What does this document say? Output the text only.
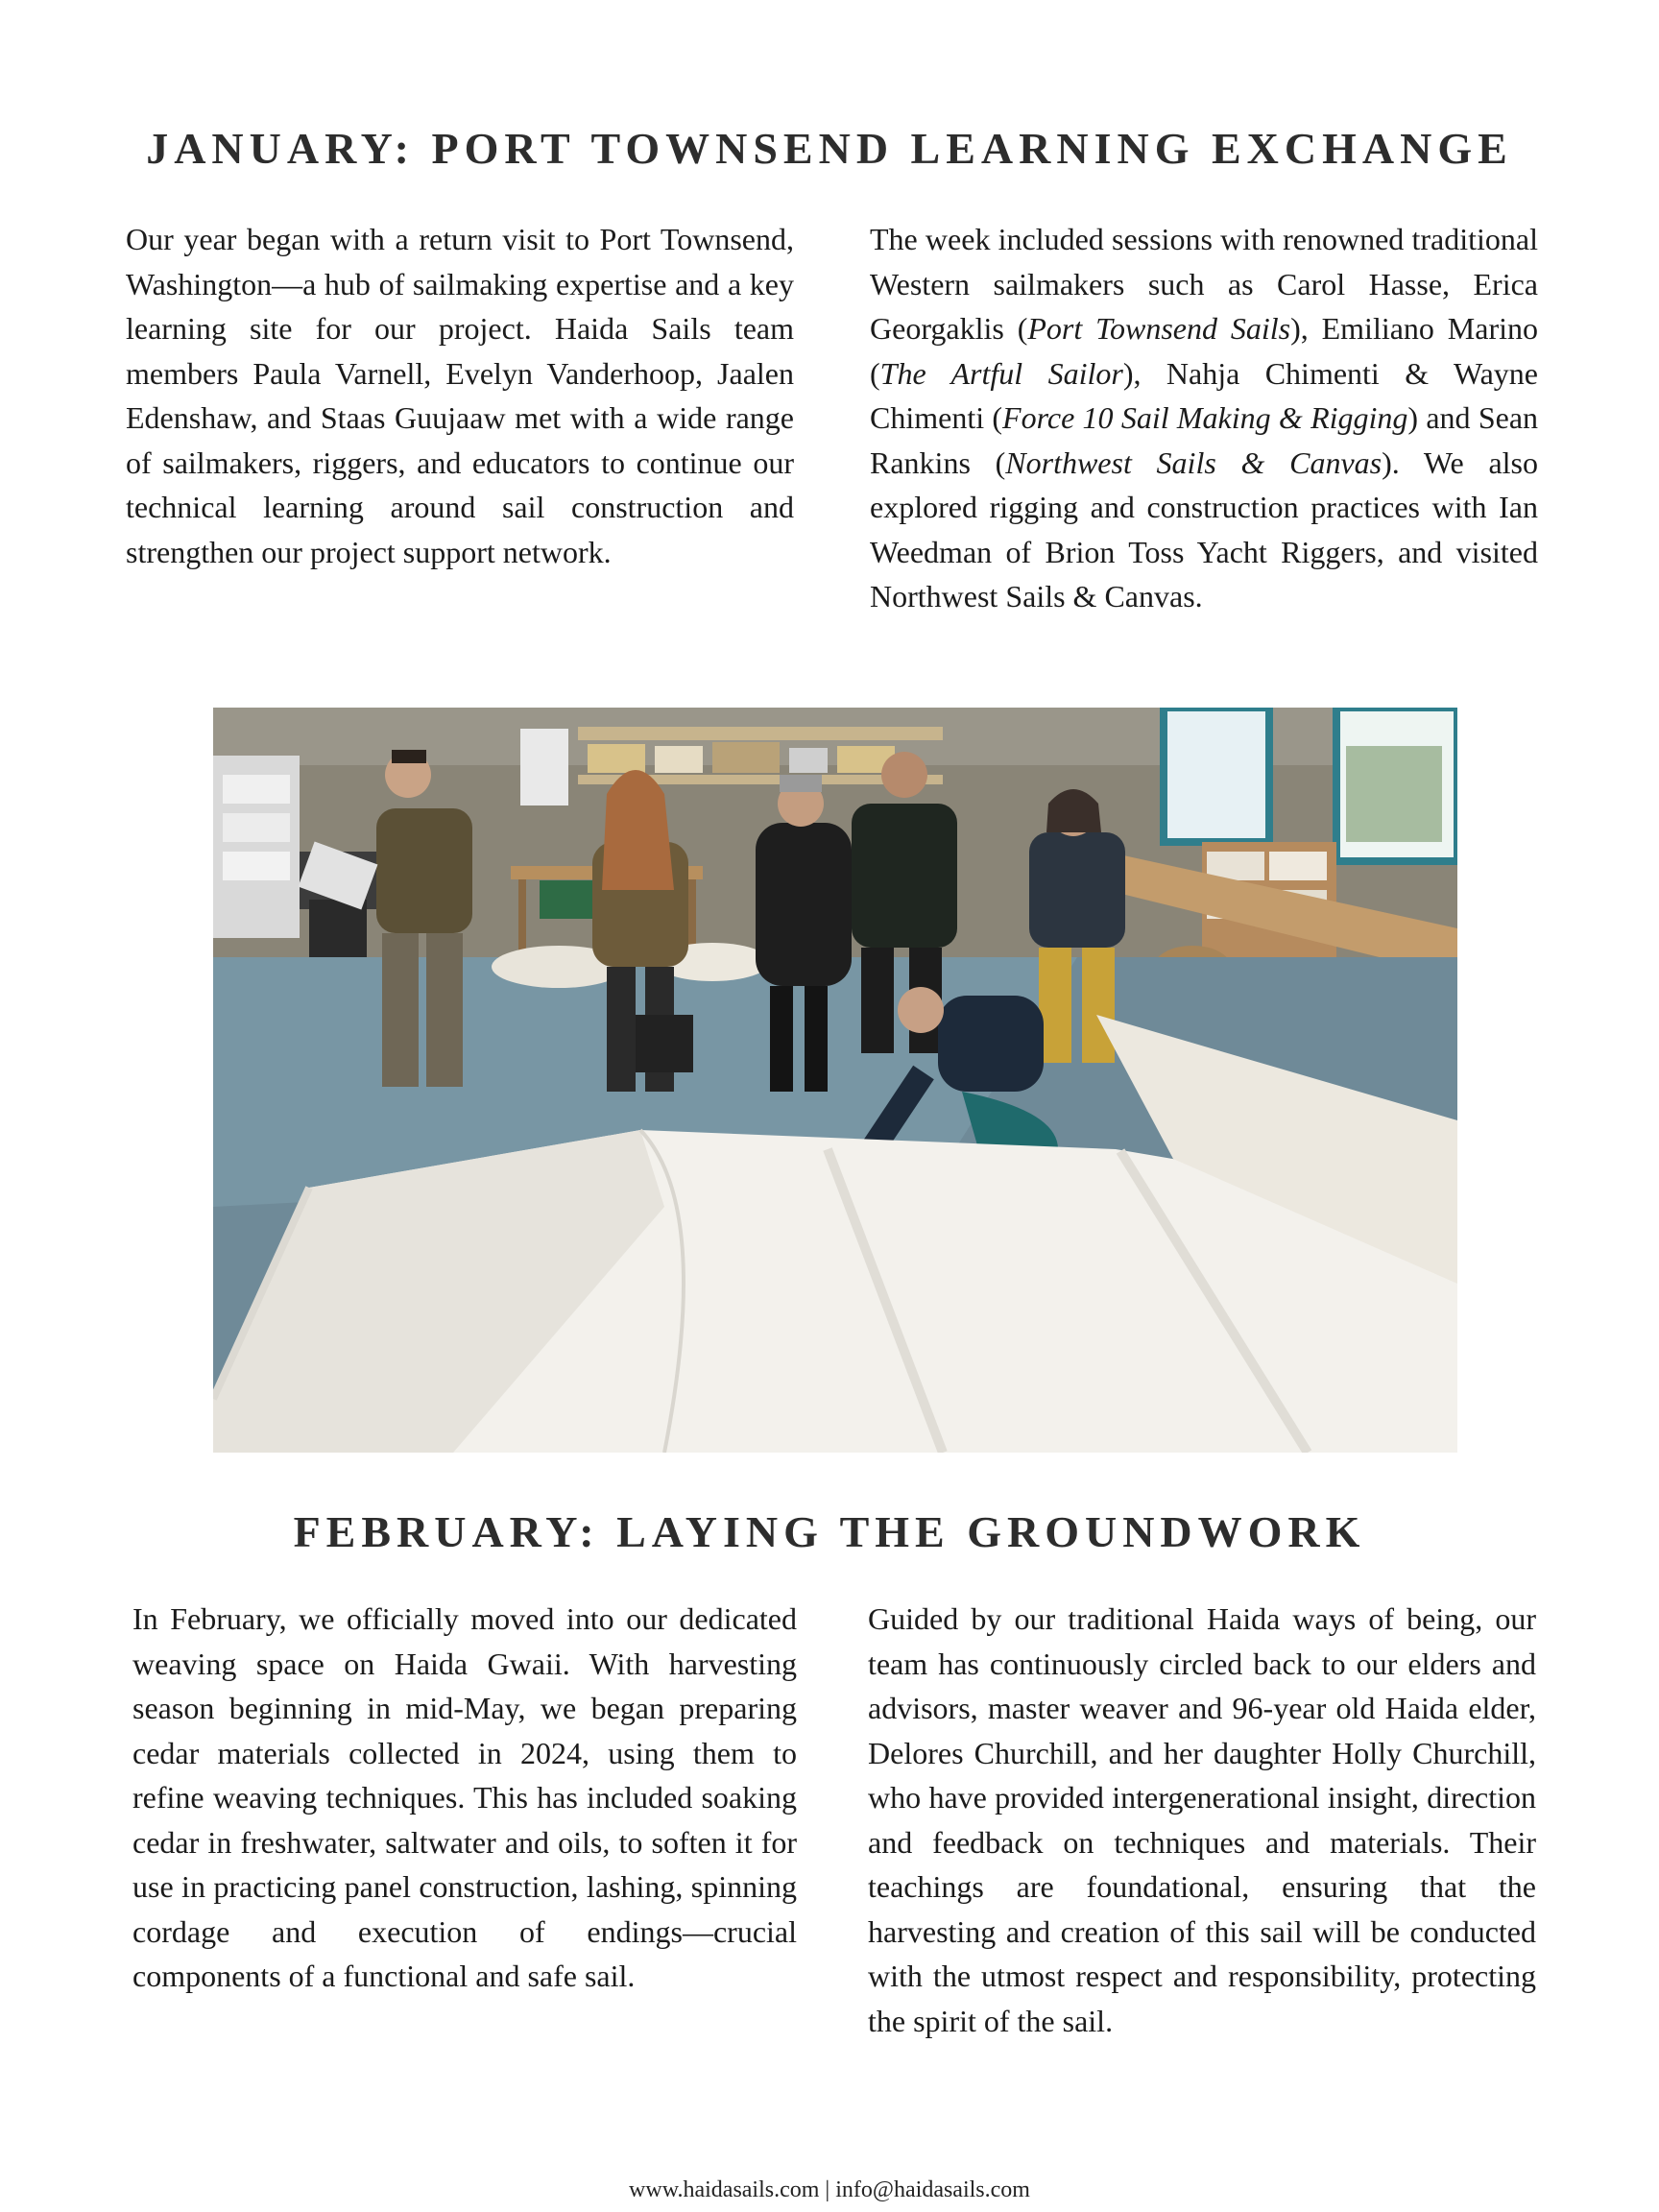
JANUARY: PORT TOWNSEND LEARNING EXCHANGE

Our year began with a return visit to Port Townsend, Washington—a hub of sailmaking expertise and a key learning site for our project. Haida Sails team members Paula Varnell, Evelyn Vanderhoop, Jaalen Edenshaw, and Staas Guujaaw met with a wide range of sailmakers, riggers, and educators to continue our technical learning around sail construction and strengthen our project support network.

The week included sessions with renowned traditional Western sailmakers such as Carol Hasse, Erica Georgaklis (Port Townsend Sails), Emiliano Marino (The Artful Sailor), Nahja Chimenti & Wayne Chimenti (Force 10 Sail Making & Rigging) and Sean Rankins (Northwest Sails & Canvas). We also explored rigging and construction practices with Ian Weedman of Brion Toss Yacht Riggers, and visited Northwest Sails & Canvas.

FEBRUARY: LAYING THE GROUNDWORK

In February, we officially moved into our dedicated weaving space on Haida Gwaii. With harvesting season beginning in mid-May, we began preparing cedar materials collected in 2024, using them to refine weaving techniques. This has included soaking cedar in freshwater, saltwater and oils, to soften it for use in practicing panel construction, lashing, spinning cordage and execution of endings—crucial components of a functional and safe sail.

Guided by our traditional Haida ways of being, our team has continuously circled back to our elders and advisors, master weaver and 96-year old Haida elder, Delores Churchill, and her daughter Holly Churchill, who have provided intergenerational insight, direction and feedback on techniques and materials. Their teachings are foundational, ensuring that the harvesting and creation of this sail will be conducted with the utmost respect and responsibility, protecting the spirit of the sail.

www.haidasails.com | info@haidasails.com
